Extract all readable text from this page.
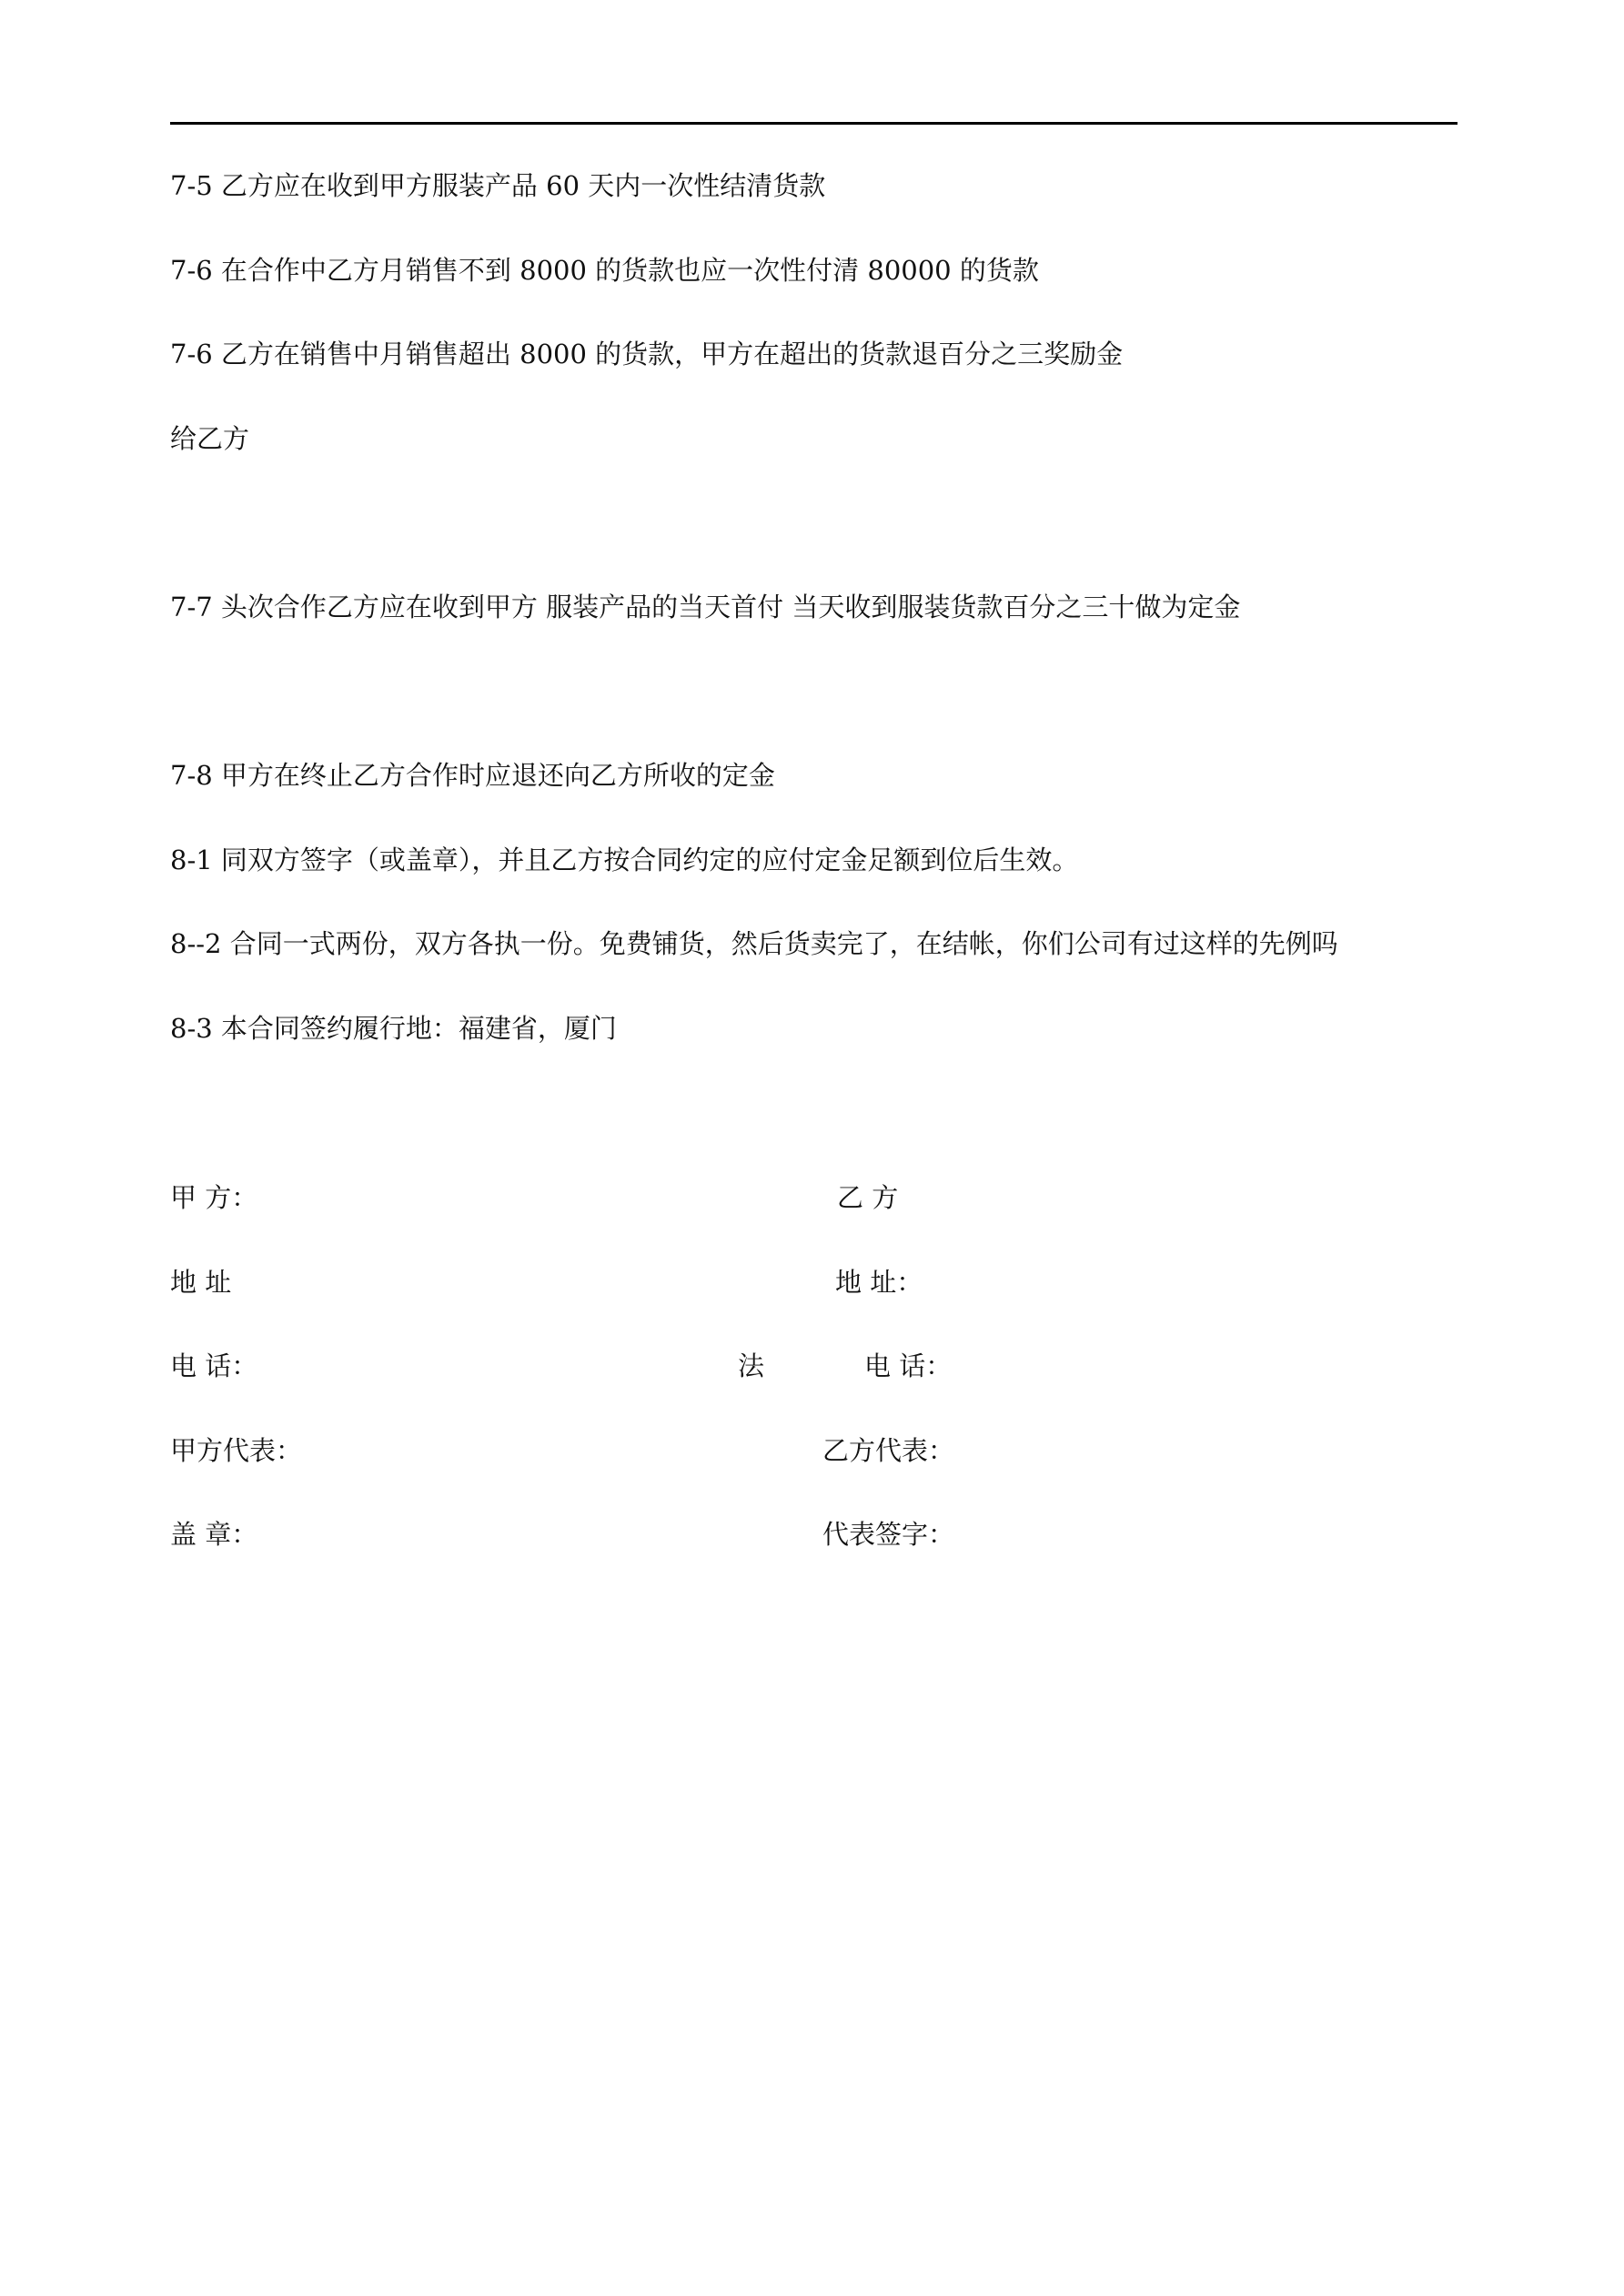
7-5 乙方应在收到甲方服装产品 60 天内一次性结清货款

7-6 在合作中乙方月销售不到 8000 的货款也应一次性付清 80000 的货款

7-6 乙方在销售中月销售超出 8000 的货款，甲方在超出的货款退百分之三奖励金

给乙方

7-7 头次合作乙方应在收到甲方 服装产品的当天首付 当天收到服装货款百分之三十做为定金

7-8 甲方在终止乙方合作时应退还向乙方所收的定金

8-1 同双方签字（或盖章），并且乙方按合同约定的应付定金足额到位后生效。

8--2 合同一式两份，双方各执一份。免费铺货，然后货卖完了，在结帐，你们公司有过这样的先例吗

8-3 本合同签约履行地：福建省，厦门

甲 方：	乙 方
地 址	地 址：
电 话：	法	电 话：
甲方代表：	乙方代表：
盖 章：	代表签字：
